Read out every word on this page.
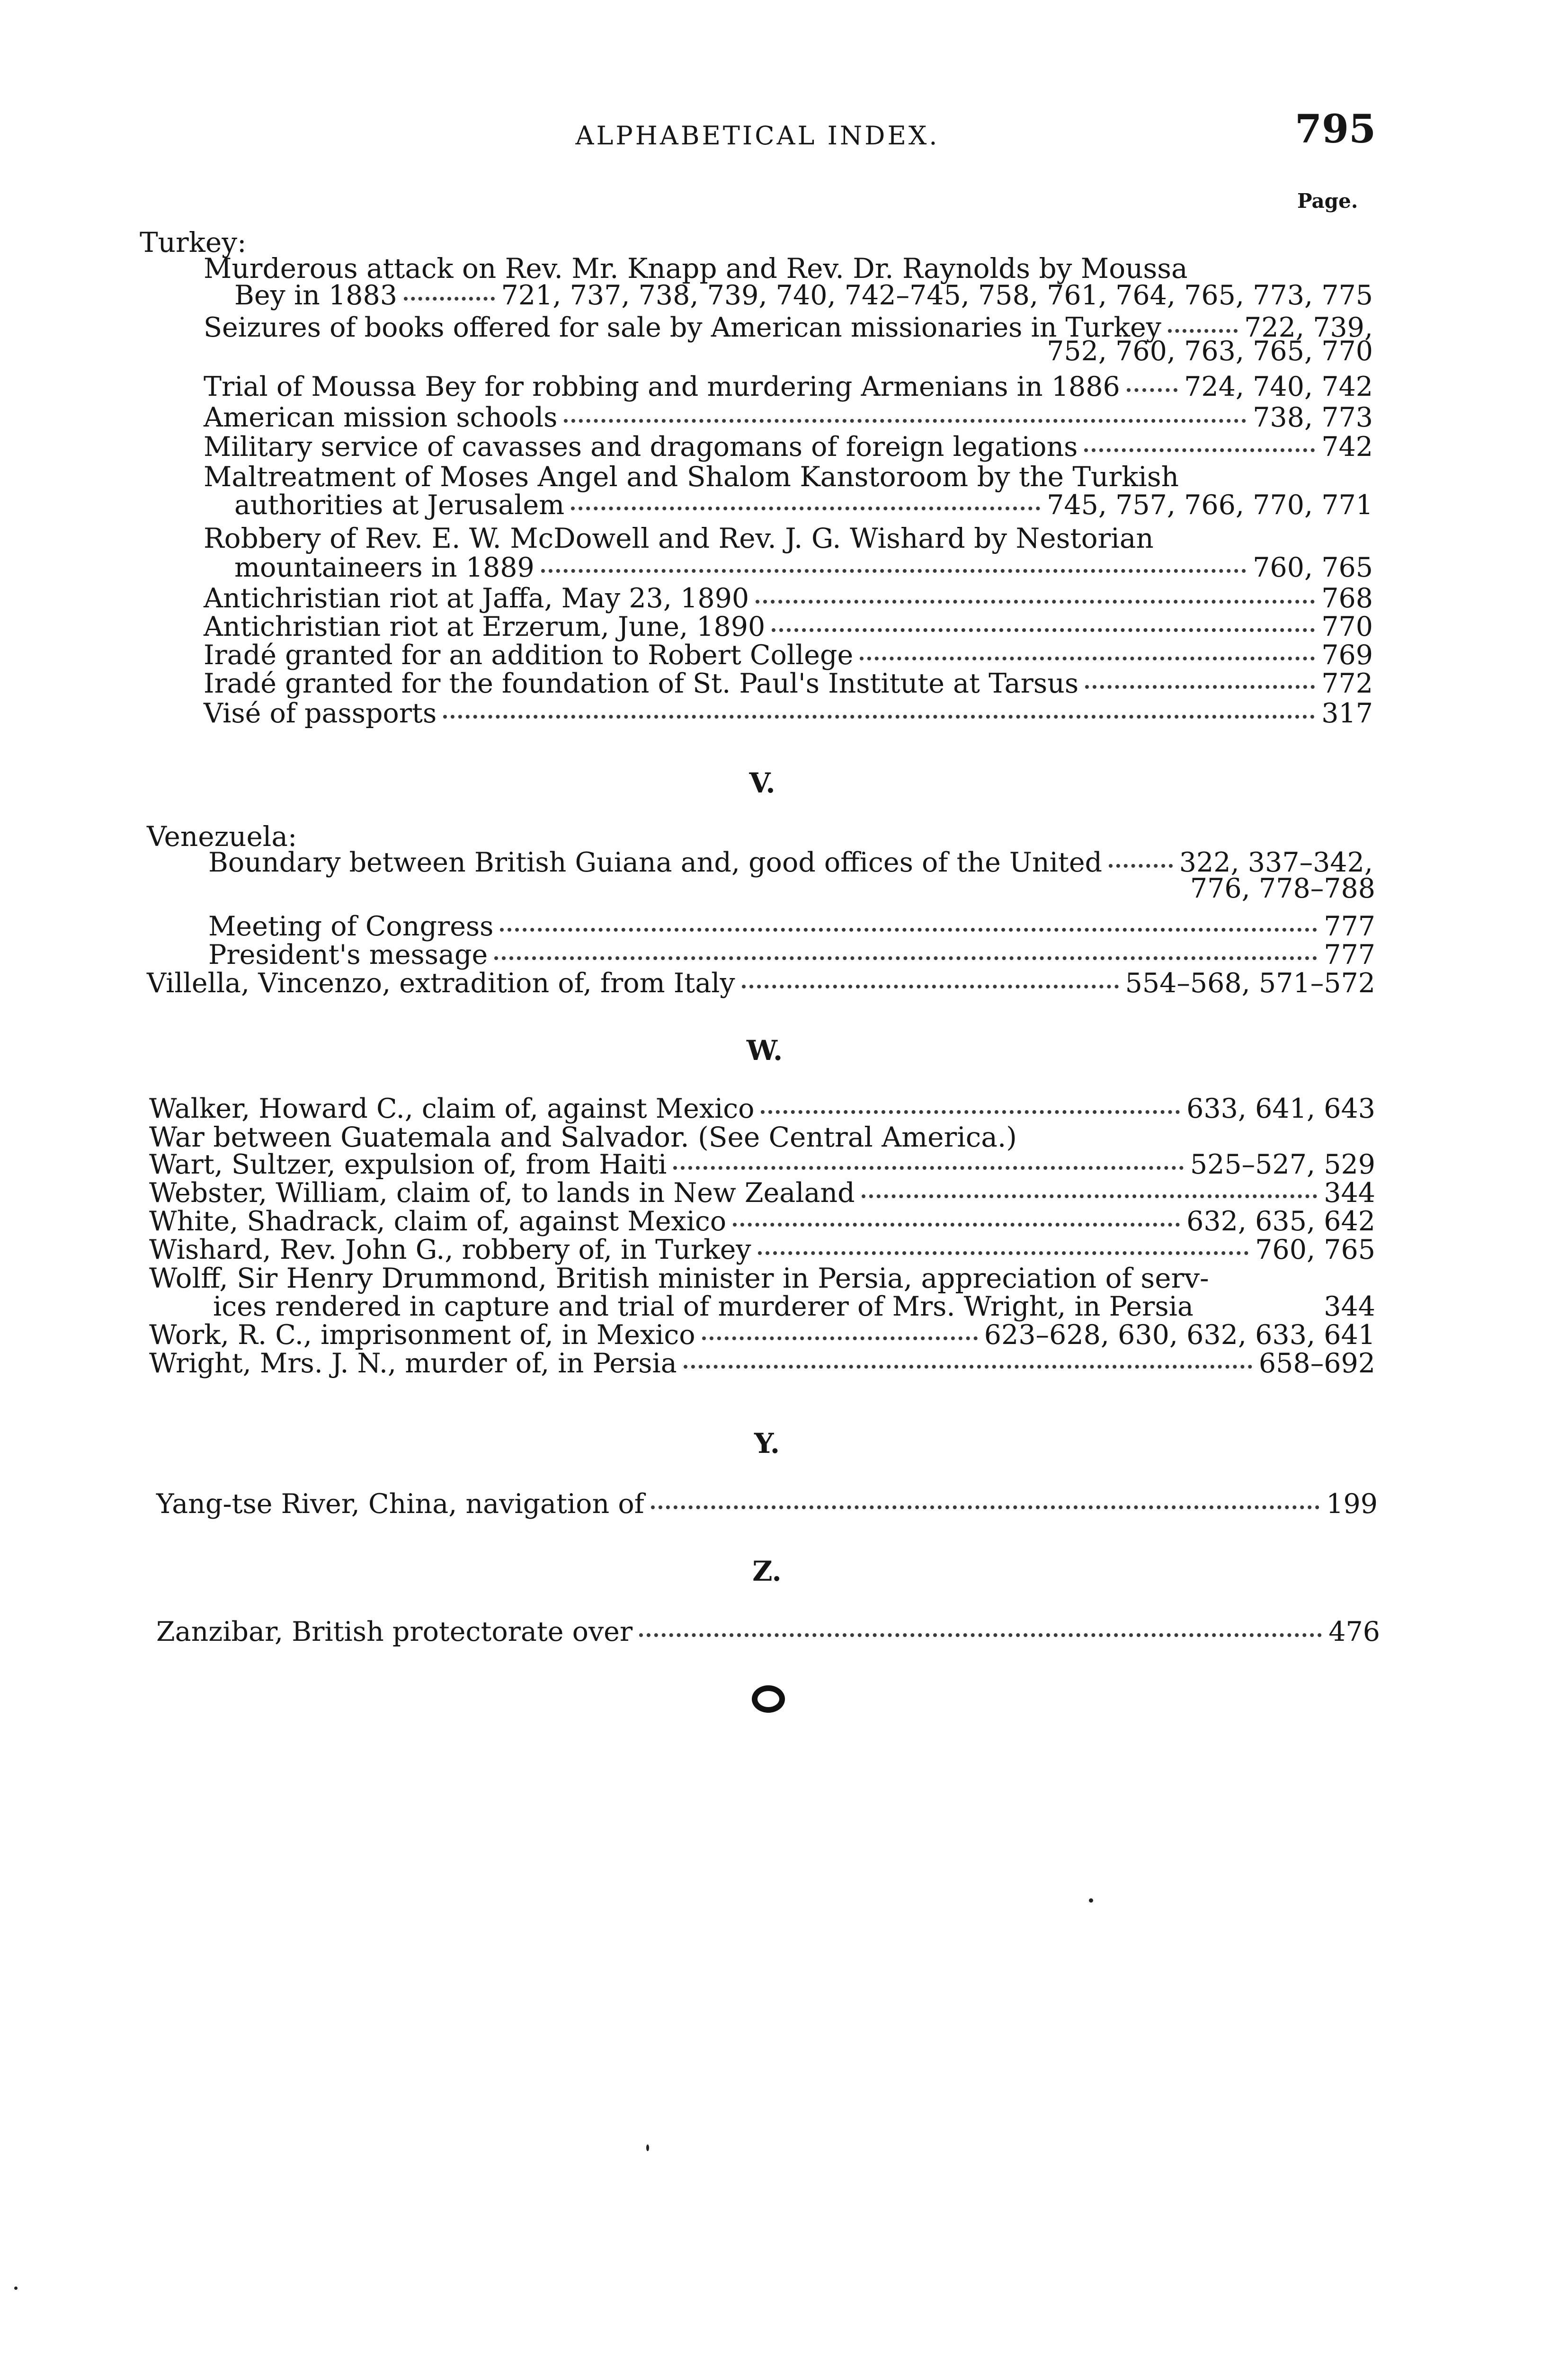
ALPHABETICAL INDEX.	795
Page.
Turkey:
Murderous attack on Rev. Mr. Knapp and Rev. Dr. Raynolds by Moussa
Bey in 1883	721, 737, 738, 739, 740, 742–745, 758, 761, 764, 765, 773, 775
Seizures of books offered for sale by American missionaries in Turkey	722, 739,
752, 760, 763, 765, 770
Trial of Moussa Bey for robbing and murdering Armenians in 1886 724, 740, 742
American mission schools	738, 773
Military service of cavasses and dragomans of foreign legations	742
Maltreatment of Moses Angel and Shalom Kanstoroom by the Turkish
authorities at Jerusalem	745, 757, 766, 770, 771
Robbery of Rev. E. W. McDowell and Rev. J. G. Wishard by Nestorian
mountaineers in 1889	760, 765
Antichristian riot at Jaffa, May 23, 1890	768
Antichristian riot at Erzerum, June, 1890	770
Iradé granted for an addition to Robert College	769
Iradé granted for the foundation of St. Paul's Institute at Tarsus	772
Visé of passports	317
V.
Venezuela:
Boundary between British Guiana and, good offices of the United	322, 337–342,
776, 778–788
Meeting of Congress	777
President's message	777
Villella, Vincenzo, extradition of, from Italy	554–568, 571–572
W.
Walker, Howard C., claim of, against Mexico	633, 641, 643
War between Guatemala and Salvador. (See Central America.)
Wart, Sultzer, expulsion of, from Haiti	525–527, 529
Webster, William, claim of, to lands in New Zealand	344
White, Shadrack, claim of, against Mexico	632, 635, 642
Wishard, Rev. John G., robbery of, in Turkey	760, 765
Wolff, Sir Henry Drummond, British minister in Persia, appreciation of serv-
ices rendered in capture and trial of murderer of Mrs. Wright, in Persia	344
Work, R. C., imprisonment of, in Mexico	623–628, 630, 632, 633, 641
Wright, Mrs. J. N., murder of, in Persia	658–692
Y.
Yang-tse River, China, navigation of	199
Z.
Zanzibar, British protectorate over	476
